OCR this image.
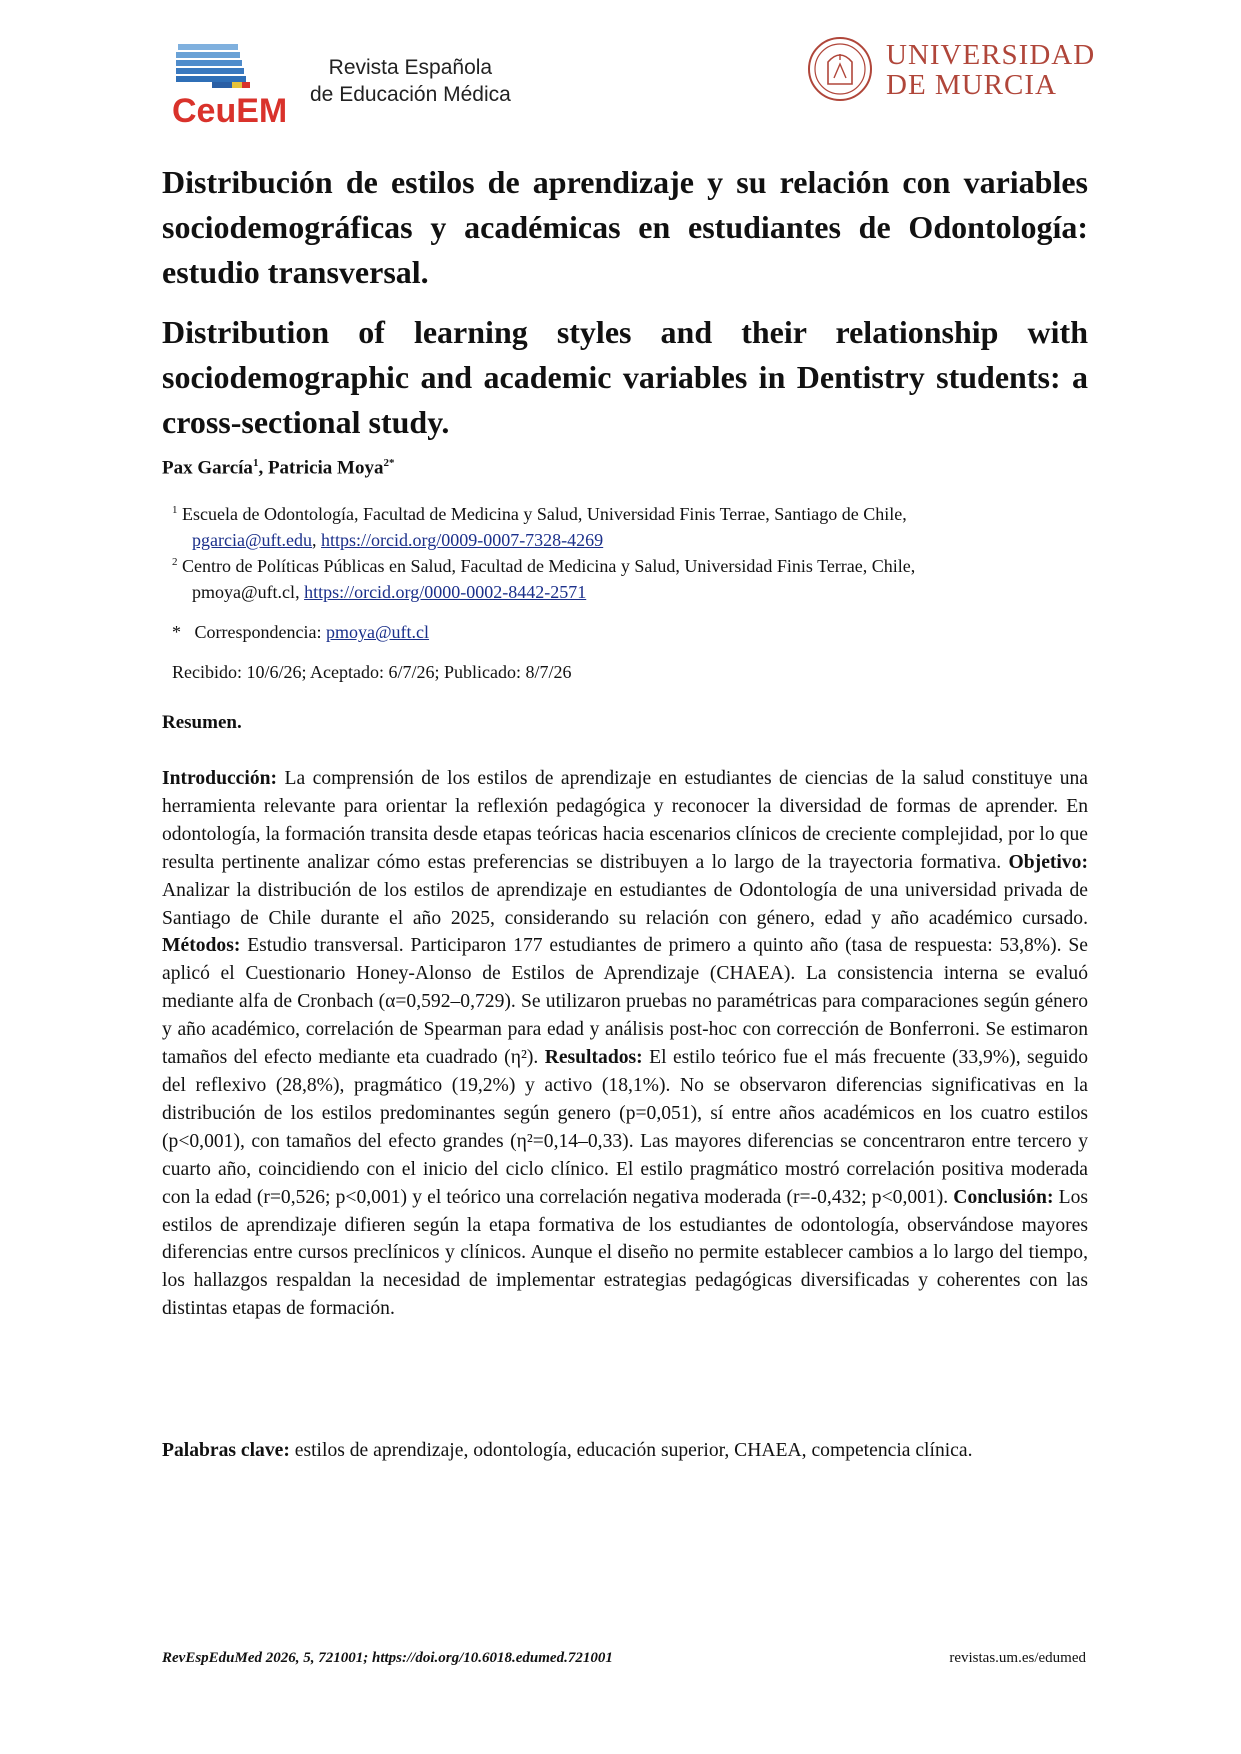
CeuEM
Revista Española
de Educación Médica
UNIVERSIDAD
DE MURCIA
Distribución de estilos de aprendizaje y su relación con variables sociodemográficas y académicas en estudiantes de Odontología: estudio transversal.
Distribution of learning styles and their relationship with sociodemographic and academic variables in Dentistry students: a cross-sectional study.
Pax García$^1$, Patricia Moya$^{2*}$
$^1$ Escuela de Odontología, Facultad de Medicina y Salud, Universidad Finis Terrae, Santiago de Chile,
pgarcia@uft.edu, https://orcid.org/0009-0007-7328-4269
$^2$ Centro de Políticas Públicas en Salud, Facultad de Medicina y Salud, Universidad Finis Terrae, Chile,
pmoya@uft.cl, https://orcid.org/0000-0002-8442-2571
* Correspondencia: pmoya@uft.cl
Recibido: 10/6/26; Aceptado: 6/7/26; Publicado: 8/7/26
Resumen.
Introducción: La comprensión de los estilos de aprendizaje en estudiantes de ciencias de la salud constituye una herramienta relevante para orientar la reflexión pedagógica y reconocer la diversidad de formas de aprender. En odontología, la formación transita desde etapas teóricas hacia escenarios clínicos de creciente complejidad, por lo que resulta pertinente analizar cómo estas preferencias se distribuyen a lo largo de la trayectoria formativa. Objetivo: Analizar la distribución de los estilos de aprendizaje en estudiantes de Odontología de una universidad privada de Santiago de Chile durante el año 2025, considerando su relación con género, edad y año académico cursado. Métodos: Estudio transversal. Participaron 177 estudiantes de primero a quinto año (tasa de respuesta: 53,8%). Se aplicó el Cuestionario Honey-Alonso de Estilos de Aprendizaje (CHAEA). La consistencia interna se evaluó mediante alfa de Cronbach (α=0,592–0,729). Se utilizaron pruebas no paramétricas para comparaciones según género y año académico, correlación de Spearman para edad y análisis post-hoc con corrección de Bonferroni. Se estimaron tamaños del efecto mediante eta cuadrado (η²). Resultados: El estilo teórico fue el más frecuente (33,9%), seguido del reflexivo (28,8%), pragmático (19,2%) y activo (18,1%). No se observaron diferencias significativas en la distribución de los estilos predominantes según genero (p=0,051), sí entre años académicos en los cuatro estilos (p<0,001), con tamaños del efecto grandes (η²=0,14–0,33). Las mayores diferencias se concentraron entre tercero y cuarto año, coincidiendo con el inicio del ciclo clínico. El estilo pragmático mostró correlación positiva moderada con la edad (r=0,526; p<0,001) y el teórico una correlación negativa moderada (r=-0,432; p<0,001). Conclusión: Los estilos de aprendizaje difieren según la etapa formativa de los estudiantes de odontología, observándose mayores diferencias entre cursos preclínicos y clínicos. Aunque el diseño no permite establecer cambios a lo largo del tiempo, los hallazgos respaldan la necesidad de implementar estrategias pedagógicas diversificadas y coherentes con las distintas etapas de formación.
Palabras clave: estilos de aprendizaje, odontología, educación superior, CHAEA, competencia clínica.
RevEspEduMed 2026, 5, 721001; https://doi.org/10.6018.edumed.721001	revistas.um.es/edumed
